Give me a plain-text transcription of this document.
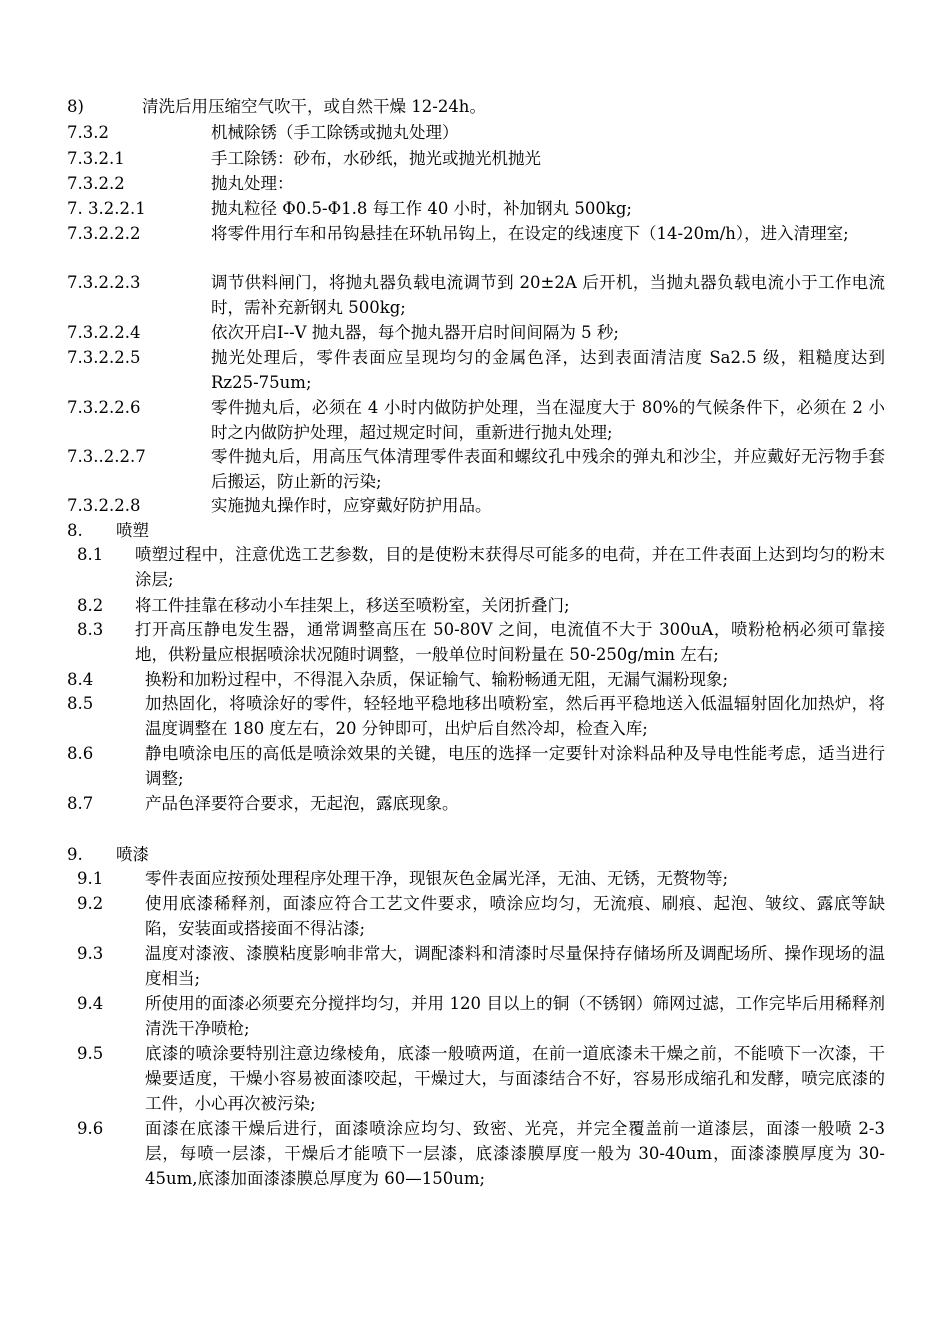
8)	清洗后用压缩空气吹干，或自然干燥 12-24h。
7.3.2	机械除锈（手工除锈或抛丸处理）
7.3.2.1	手工除锈：砂布，水砂纸，抛光或抛光机抛光
7.3.2.2	抛丸处理：
7. 3.2.2.1	抛丸粒径 Φ0.5-Φ1.8 每工作 40 小时，补加钢丸 500kg;
7.3.2.2.2	将零件用行车和吊钩悬挂在环轨吊钩上，在设定的线速度下（14-20m/h），进入清理室;
7.3.2.2.3	调节供料闸门，将抛丸器负载电流调节到 20±2A 后开机，当抛丸器负载电流小于工作电流时，需补充新钢丸 500kg;
7.3.2.2.4	依次开启Ⅰ--Ⅴ 抛丸器，每个抛丸器开启时间间隔为 5 秒;
7.3.2.2.5	抛光处理后，零件表面应呈现均匀的金属色泽，达到表面清洁度 Sa2.5 级，粗糙度达到 Rz25-75um;
7.3.2.2.6	零件抛丸后，必须在 4 小时内做防护处理，当在湿度大于 80%的气候条件下，必须在 2 小时之内做防护处理，超过规定时间，重新进行抛丸处理;
7.3..2.2.7	零件抛丸后，用高压气体清理零件表面和螺纹孔中残余的弹丸和沙尘，并应戴好无污物手套后搬运，防止新的污染;
7.3.2.2.8	实施抛丸操作时，应穿戴好防护用品。
8. 喷塑
8.1 喷塑过程中，注意优选工艺参数，目的是使粉末获得尽可能多的电荷，并在工件表面上达到均匀的粉末涂层;
8.2 将工件挂靠在移动小车挂架上，移送至喷粉室，关闭折叠门;
8.3 打开高压静电发生器，通常调整高压在 50-80V 之间，电流值不大于 300uA，喷粉枪柄必须可靠接地，供粉量应根据喷涂状况随时调整，一般单位时间粉量在 50-250g/min 左右;
8.4	换粉和加粉过程中，不得混入杂质，保证输气、输粉畅通无阻，无漏气漏粉现象;
8.5	加热固化，将喷涂好的零件，轻轻地平稳地移出喷粉室，然后再平稳地送入低温辐射固化加热炉，将温度调整在 180 度左右，20 分钟即可，出炉后自然冷却，检查入库;
8.6	静电喷涂电压的高低是喷涂效果的关键，电压的选择一定要针对涂料品种及导电性能考虑，适当进行调整;
8.7	产品色泽要符合要求，无起泡，露底现象。
9. 喷漆
9.1	零件表面应按预处理程序处理干净，现银灰色金属光泽，无油、无锈，无赘物等;
9.2	使用底漆稀释剂，面漆应符合工艺文件要求，喷涂应均匀，无流痕、刷痕、起泡、皱纹、露底等缺陷，安装面或搭接面不得沾漆;
9.3	温度对漆液、漆膜粘度影响非常大，调配漆料和清漆时尽量保持存储场所及调配场所、操作现场的温度相当;
9.4	所使用的面漆必须要充分搅拌均匀，并用 120 目以上的铜（不锈钢）筛网过滤，工作完毕后用稀释剂清洗干净喷枪;
9.5	底漆的喷涂要特别注意边缘棱角，底漆一般喷两道，在前一道底漆未干燥之前，不能喷下一次漆，干燥要适度，干燥小容易被面漆咬起，干燥过大，与面漆结合不好，容易形成缩孔和发酵，喷完底漆的工件，小心再次被污染;
9.6	面漆在底漆干燥后进行，面漆喷涂应均匀、致密、光亮，并完全覆盖前一道漆层，面漆一般喷 2-3 层，每喷一层漆，干燥后才能喷下一层漆，底漆漆膜厚度一般为 30-40um，面漆漆膜厚度为 30-45um,底漆加面漆漆膜总厚度为 60—150um;
